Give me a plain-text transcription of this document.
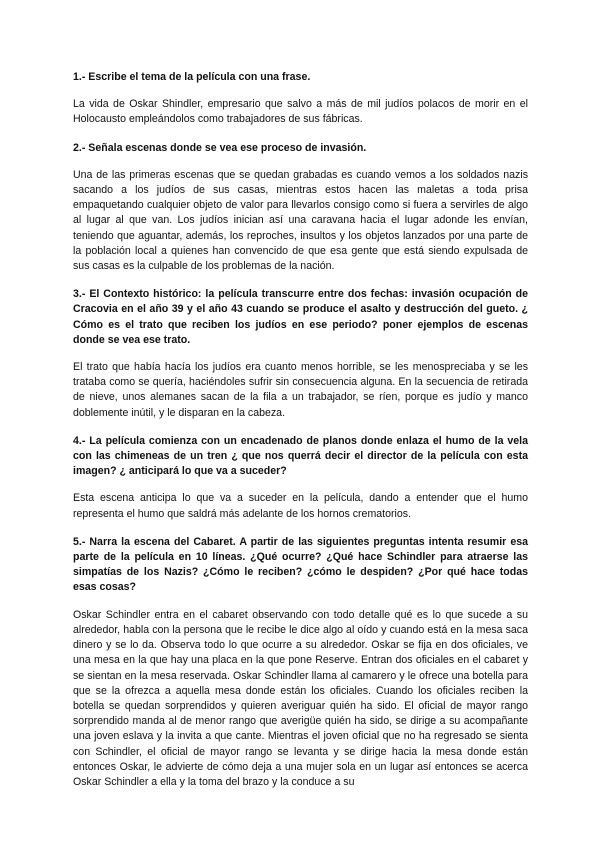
1.- Escribe el tema de la película con una frase.

La vida de Oskar Shindler, empresario que salvo a más de mil judíos polacos de morir en el Holocausto empleándolos como trabajadores de sus fábricas.

2.- Señala escenas donde se vea ese proceso de invasión.

Una de las primeras escenas que se quedan grabadas es cuando vemos a los soldados nazis sacando a los judíos de sus casas, mientras estos hacen las maletas a toda prisa empaquetando cualquier objeto de valor para llevarlos consigo como si fuera a servirles de algo al lugar al que van. Los judíos inician así una caravana hacia el lugar adonde les envían, teniendo que aguantar, además, los reproches, insultos y los objetos lanzados por una parte de la población local a quienes han convencido de que esa gente que está siendo expulsada de sus casas es la culpable de los problemas de la nación.

3.- El Contexto histórico: la película transcurre entre dos fechas: invasión ocupación de Cracovia en el año 39 y el año 43 cuando se produce el asalto y destrucción del gueto. ¿ Cómo es el trato que reciben los judíos en ese periodo? poner ejemplos de escenas donde se vea ese trato.

El trato que había hacía los judíos era cuanto menos horrible, se les menospreciaba y se les trataba como se quería, haciéndoles sufrir sin consecuencia alguna. En la secuencia de retirada de nieve, unos alemanes sacan de la fila a un trabajador, se ríen, porque es judío y manco doblemente inútil, y le disparan en la cabeza.

4.- La película comienza con un encadenado de planos donde enlaza el humo de la vela con las chimeneas de un tren ¿ que nos querrá decir el director de la película con esta imagen? ¿ anticipará lo que va a suceder?

Esta escena anticipa lo que va a suceder en la película, dando a entender que el humo representa el humo que saldrá más adelante de los hornos crematorios.

5.- Narra la escena del Cabaret. A partir de las siguientes preguntas intenta resumir esa parte de la película en 10 líneas. ¿Qué ocurre? ¿Qué hace Schindler para atraerse las simpatías de los Nazis? ¿Cómo le reciben? ¿cómo le despiden? ¿Por qué hace todas esas cosas?

Oskar Schindler entra en el cabaret observando con todo detalle qué es lo que sucede a su alrededor, habla con la persona que le recibe le dice algo al oído y cuando está en la mesa saca dinero y se lo da. Observa todo lo que ocurre a su alrededor. Oskar se fija en dos oficiales, ve una mesa en la que hay una placa en la que pone Reserve. Entran dos oficiales en el cabaret y se sientan en la mesa reservada. Oskar Schindler llama al camarero y le ofrece una botella para que se la ofrezca a aquella mesa donde están los oficiales. Cuando los oficiales reciben la botella se quedan sorprendidos y quieren averiguar quién ha sido. El oficial de mayor rango sorprendido manda al de menor rango que averigüe quién ha sido, se dirige a su acompañante una joven eslava y la invita a que cante. Mientras el joven oficial que no ha regresado se sienta con Schindler, el oficial de mayor rango se levanta y se dirige hacia la mesa donde están entonces Oskar, le advierte de cómo deja a una mujer sola en un lugar así entonces se acerca Oskar Schindler a ella y la toma del brazo y la conduce a su
